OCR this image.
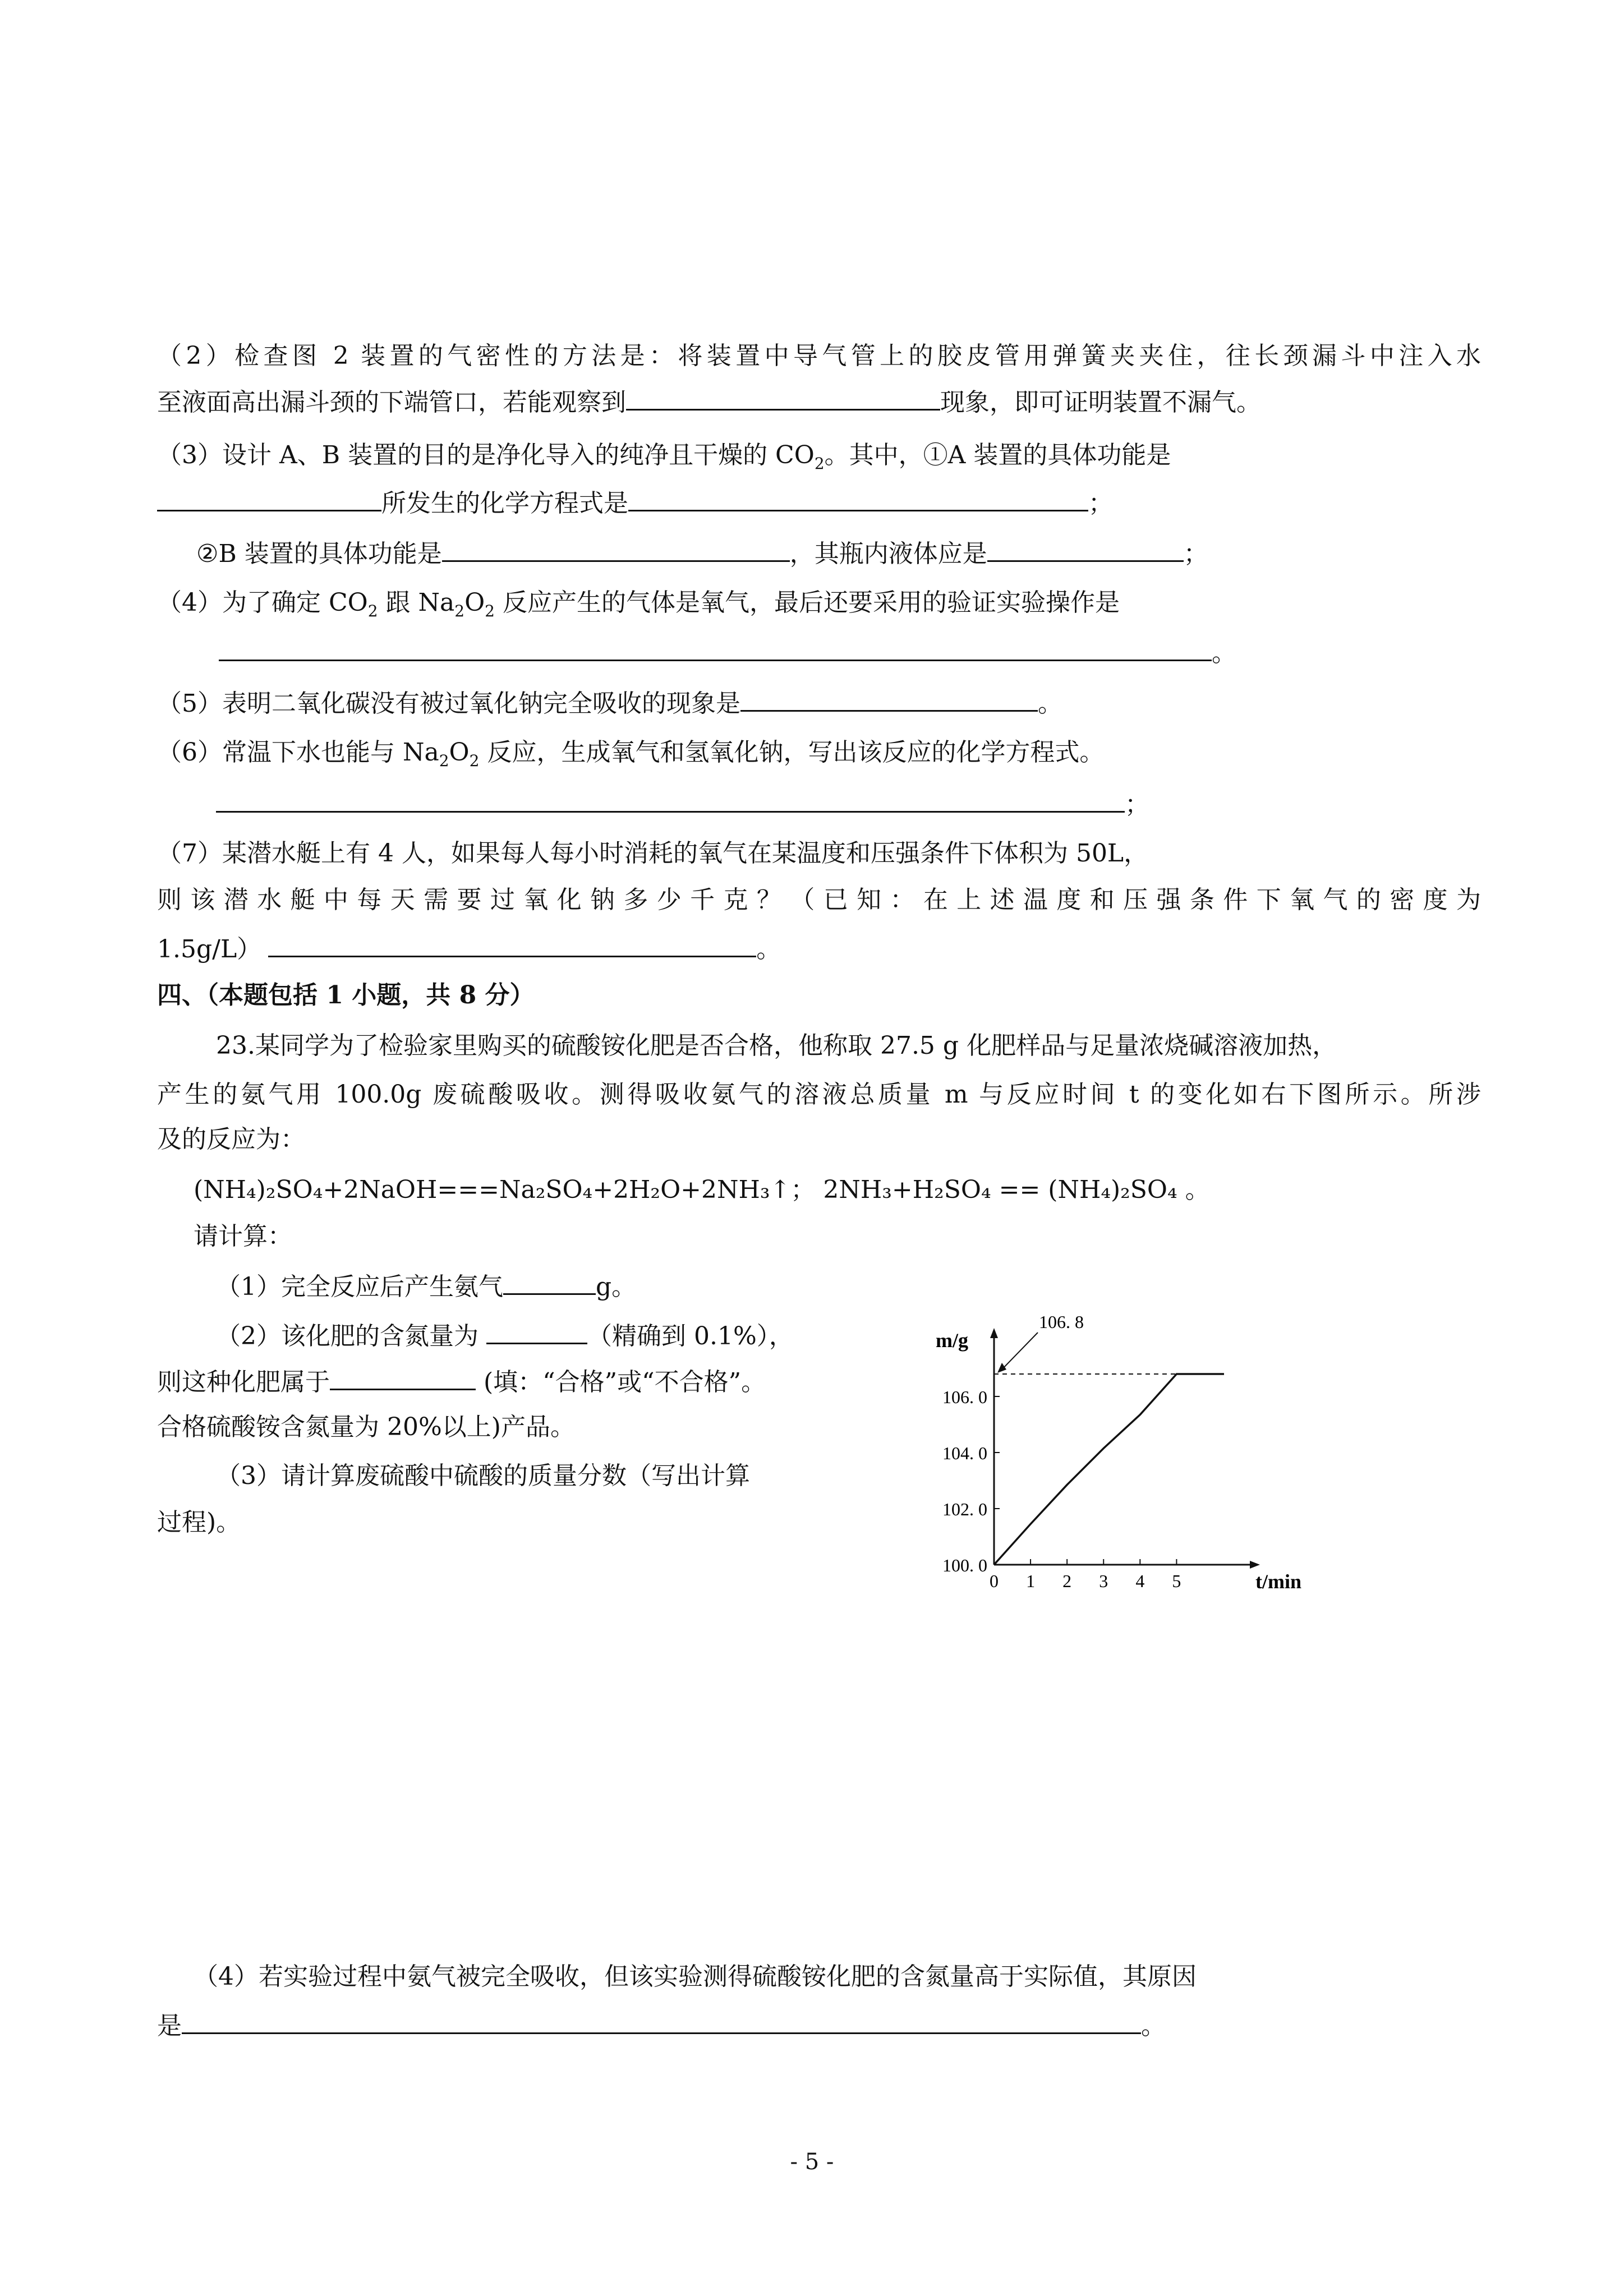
（2）检查图 2 装置的气密性的方法是：将装置中导气管上的胶皮管用弹簧夹夹住，往长颈漏斗中注入水
至液面高出漏斗颈的下端管口，若能观察到	现象，即可证明装置不漏气。
（3）设计 A、B 装置的目的是净化导入的纯净且干燥的 $CO_2$。其中，①A 装置的具体功能是
所发生的化学方程式是	；
②B 装置的具体功能是	，其瓶内液体应是	；
（4）为了确定 $CO_2$ 跟 $Na_2O_2$ 反应产生的气体是氧气，最后还要采用的验证实验操作是
。
（5）表明二氧化碳没有被过氧化钠完全吸收的现象是	。
（6）常温下水也能与 $Na_2O_2$ 反应，生成氧气和氢氧化钠，写出该反应的化学方程式。
；
（7）某潜水艇上有 4 人，如果每人每小时消耗的氧气在某温度和压强条件下体积为 50L，
则该潜水艇中每天需要过氧化钠多少千克？（已知：在上述温度和压强条件下氧气的密度为
1.5g/L）	。
四、（本题包括 1 小题，共 8 分）
23.某同学为了检验家里购买的硫酸铵化肥是否合格，他称取 27.5 g 化肥样品与足量浓烧碱溶液加热，
产生的氨气用 100.0g 废硫酸吸收。测得吸收氨气的溶液总质量 m 与反应时间 t 的变化如右下图所示。所涉
及的反应为：
(NH₄)₂SO₄+2NaOH===Na₂SO₄+2H₂O+2NH₃↑； 2NH₃+H₂SO₄ == (NH₄)₂SO₄ 。
请计算：
（1）完全反应后产生氨气	g。
（2）该化肥的含氮量为	（精确到 0.1%），
则这种化肥属于	(填：“合格”或“不合格”。
合格硫酸铵含氮量为 20%以上)产品。
（3）请计算废硫酸中硫酸的质量分数（写出计算
过程)。
m/g
t/min
0 1 2 3 4 5
100. 0
102. 0
104. 0
106. 0
106. 8
（4）若实验过程中氨气被完全吸收，但该实验测得硫酸铵化肥的含氮量高于实际值，其原因
是	。
- 5 -
